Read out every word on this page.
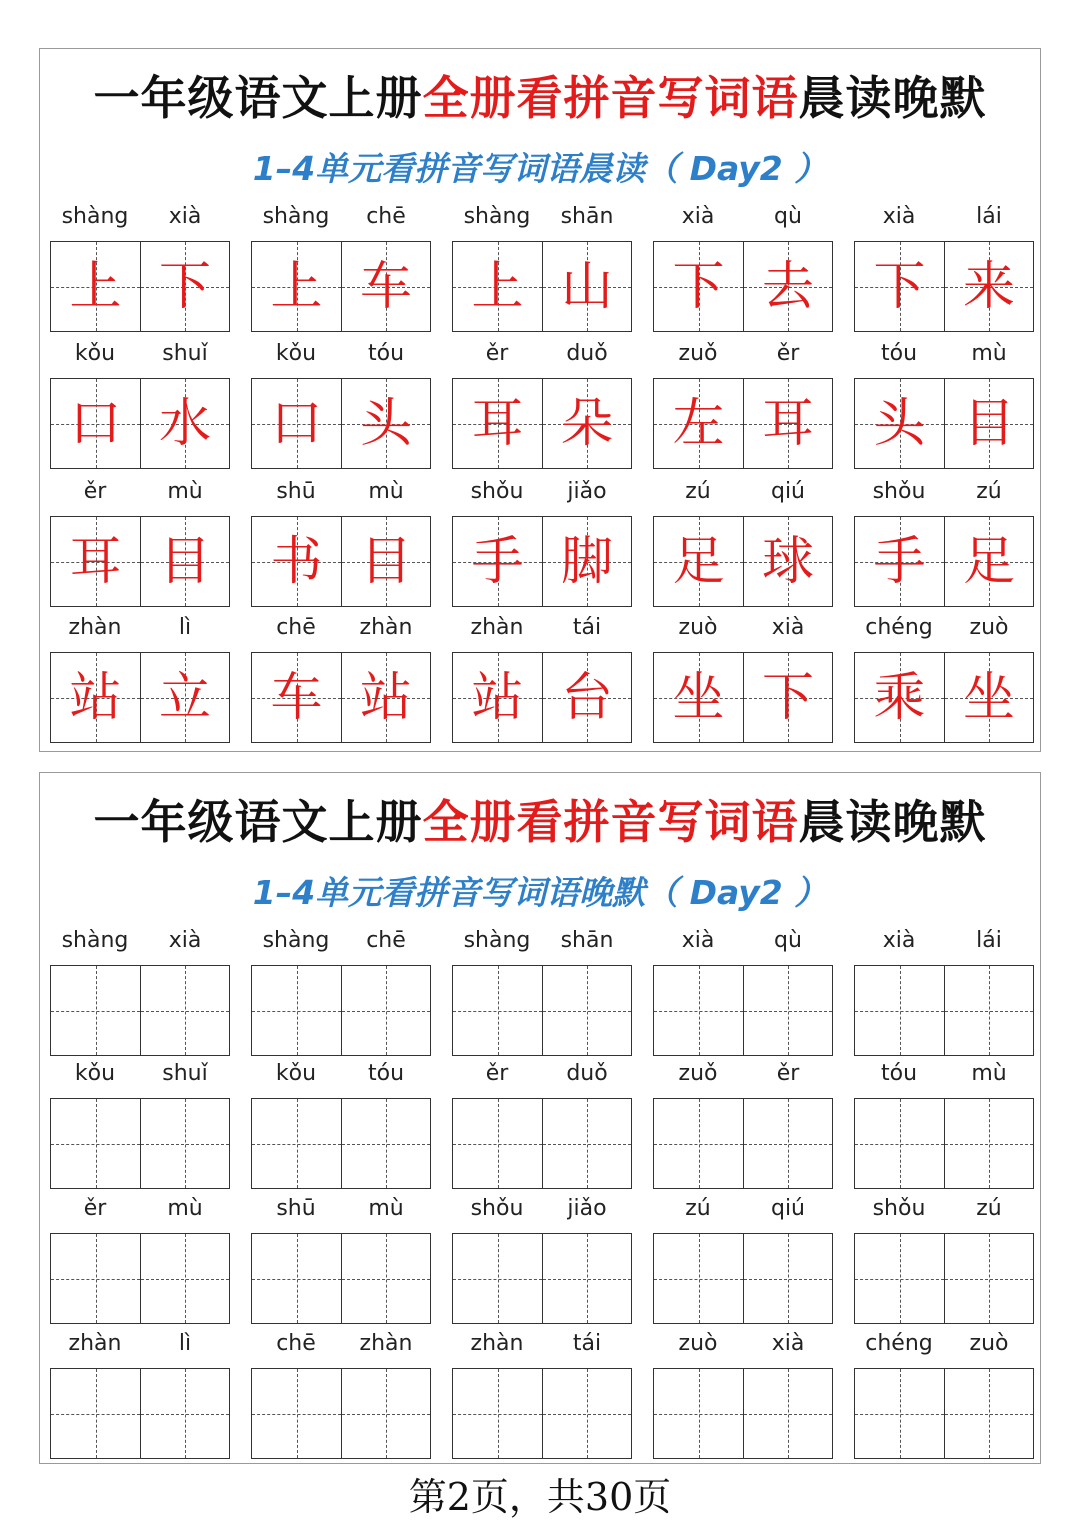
一年级语文上册全册看拼音写词语晨读晚默
1–4单元看拼音写词语晨读（ Day2 ）
shàng	xià	shàng	chē	shàng	shān	xià	qù	xià	lái
上 下 上 车 上 山 下 去 下 来
kǒu	shuǐ	kǒu	tóu	ěr	duǒ	zuǒ	ěr	tóu	mù
口 水 口 头 耳 朵 左 耳 头 目
ěr	mù	shū	mù	shǒu	jiǎo	zú	qiú	shǒu	zú
耳 目 书 目 手 脚 足 球 手 足
zhàn	lì	chē	zhàn	zhàn	tái	zuò	xià	chéng	zuò
站 立 车 站 站 台 坐 下 乘 坐
一年级语文上册全册看拼音写词语晨读晚默
1–4单元看拼音写词语晚默（ Day2 ）
shàng	xià	shàng	chē	shàng	shān	xià	qù	xià	lái
kǒu	shuǐ	kǒu	tóu	ěr	duǒ	zuǒ	ěr	tóu	mù
ěr	mù	shū	mù	shǒu	jiǎo	zú	qiú	shǒu	zú
zhàn	lì	chē	zhàn	zhàn	tái	zuò	xià	chéng	zuò
第2页，共30页
